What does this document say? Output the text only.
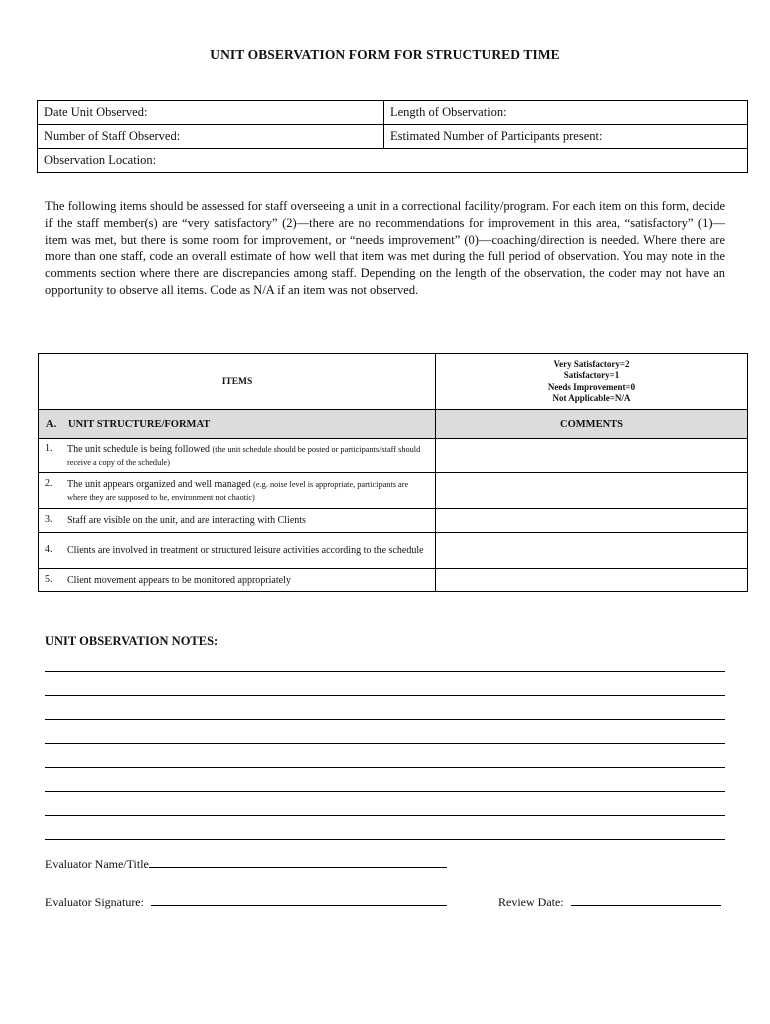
UNIT OBSERVATION FORM FOR STRUCTURED TIME
Date Unit Observed:	Length of Observation:
Number of Staff Observed:	Estimated Number of Participants present:
Observation Location:	

The following items should be assessed for staff overseeing a unit in a correctional facility/program. For each item on this form, decide if the staff member(s) are “very satisfactory” (2)—there are no recommendations for improvement in this area, “satisfactory” (1)— item was met, but there is some room for improvement, or “needs improvement” (0)—coaching/direction is needed. Where there are more than one staff, code an overall estimate of how well that item was met during the full period of observation. You may note in the comments section where there are discrepancies among staff. Depending on the length of the observation, the coder may not have an opportunity to observe all items. Code as N/A if an item was not observed.

ITEMS	Very Satisfactory=2
Satisfactory=1
Needs Improvement=0
Not Applicable=N/A

A. UNIT STRUCTURE/FORMAT	COMMENTS

1. The unit schedule is being followed (the unit schedule should be posted or participants/staff should receive a copy of the schedule)	

2. The unit appears organized and well managed (e.g. noise level is appropriate, participants are where they are supposed to be, environment not chaotic)	

3. Staff are visible on the unit, and are interacting with Clients	

4. Clients are involved in treatment or structured leisure activities according to the schedule	

5. Client movement appears to be monitored appropriately	

UNIT OBSERVATION NOTES:
Evaluator Name/Title
Evaluator Signature:	Review Date:
